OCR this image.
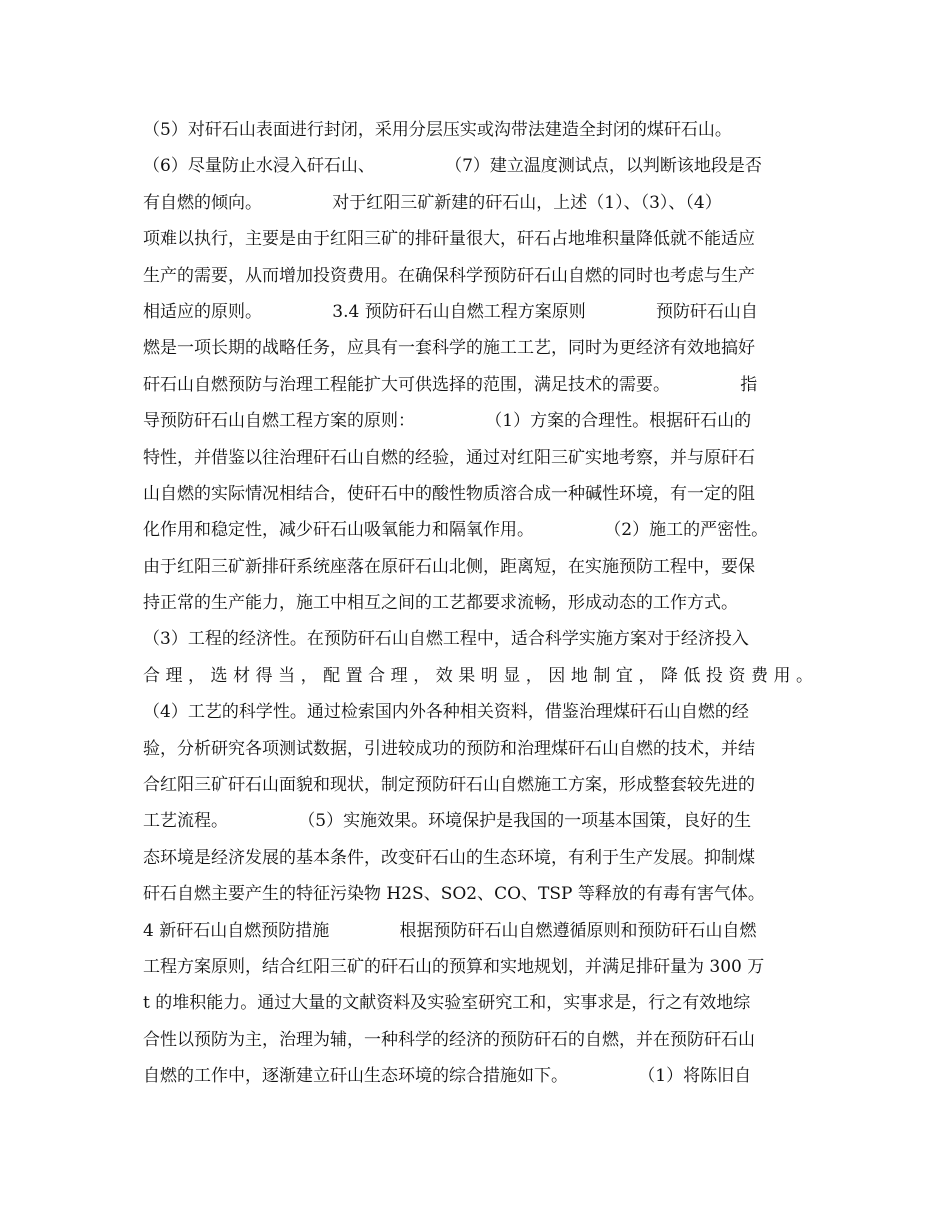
（5）对矸石山表面进行封闭，采用分层压实或沟带法建造全封闭的煤矸石山。
（6）尽量防止水浸入矸石山、             （7）建立温度测试点，以判断该地段是否
有自燃的倾向。             对于红阳三矿新建的矸石山，上述（1）、（3）、（4）
项难以执行，主要是由于红阳三矿的排矸量很大，矸石占地堆积量降低就不能适应
生产的需要，从而增加投资费用。在确保科学预防矸石山自燃的同时也考虑与生产
相适应的原则。             3.4 预防矸石山自燃工程方案原则             预防矸石山自
燃是一项长期的战略任务，应具有一套科学的施工工艺，同时为更经济有效地搞好
矸石山自燃预防与治理工程能扩大可供选择的范围，满足技术的需要。             指
导预防矸石山自燃工程方案的原则：             （1）方案的合理性。根据矸石山的
特性，并借鉴以往治理矸石山自燃的经验，通过对红阳三矿实地考察，并与原矸石
山自燃的实际情况相结合，使矸石中的酸性物质溶合成一种碱性环境，有一定的阻
化作用和稳定性，减少矸石山吸氧能力和隔氧作用。             （2）施工的严密性。
由于红阳三矿新排矸系统座落在原矸石山北侧，距离短，在实施预防工程中，要保
持正常的生产能力，施工中相互之间的工艺都要求流畅，形成动态的工作方式。
（3）工程的经济性。在预防矸石山自燃工程中，适合科学实施方案对于经济投入
合 理 ， 选 材 得 当 ， 配 置 合 理 ， 效 果 明 显 ， 因 地 制 宜 ， 降 低 投 资 费 用 。
（4）工艺的科学性。通过检索国内外各种相关资料，借鉴治理煤矸石山自燃的经
验，分析研究各项测试数据，引进较成功的预防和治理煤矸石山自燃的技术，并结
合红阳三矿矸石山面貌和现状，制定预防矸石山自燃施工方案，形成整套较先进的
工艺流程。             （5）实施效果。环境保护是我国的一项基本国策，良好的生
态环境是经济发展的基本条件，改变矸石山的生态环境，有利于生产发展。抑制煤
矸石自燃主要产生的特征污染物 H2S、SO2、CO、TSP 等释放的有毒有害气体。
4 新矸石山自燃预防措施             根据预防矸石山自燃遵循原则和预防矸石山自燃
工程方案原则，结合红阳三矿的矸石山的预算和实地规划，并满足排矸量为 300 万
t 的堆积能力。通过大量的文献资料及实验室研究工和，实事求是，行之有效地综
合性以预防为主，治理为辅，一种科学的经济的预防矸石的自燃，并在预防矸石山
自燃的工作中，逐渐建立矸山生态环境的综合措施如下。             （1）将陈旧自
